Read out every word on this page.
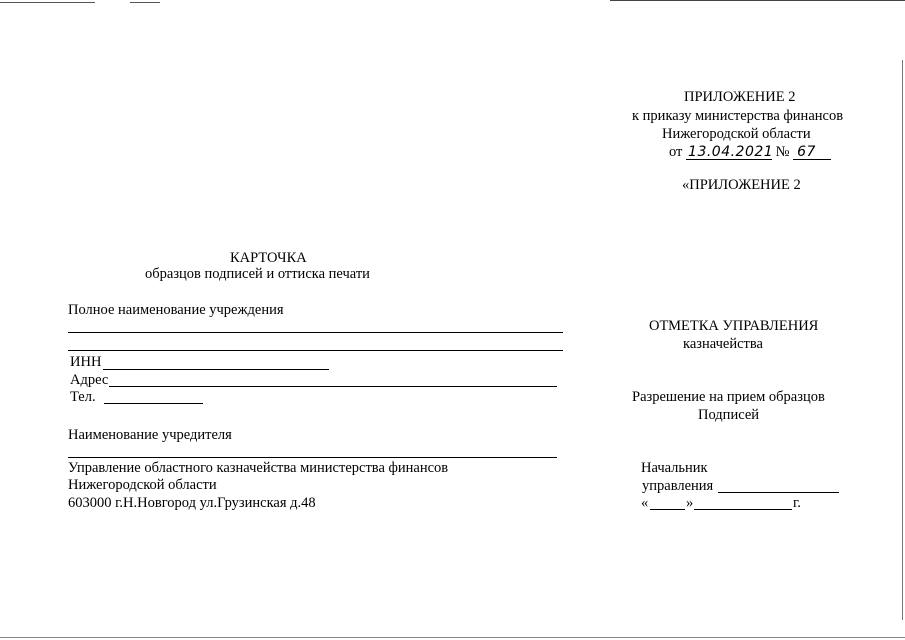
ПРИЛОЖЕНИЕ 2
к приказу министерства финансов
Нижегородской области
от 13.04.2021 № 67
«ПРИЛОЖЕНИЕ 2
КАРТОЧКА
образцов подписей и оттиска печати
Полное наименование учреждения
ИНН
Адрес
Тел.
Наименование учредителя
Управление областного казначейства министерства финансов
Нижегородской области
603000 г.Н.Новгород ул.Грузинская д.48
ОТМЕТКА УПРАВЛЕНИЯ
казначейства
Разрешение на прием образцов
Подписей
Начальник
управления
«	»	г.
